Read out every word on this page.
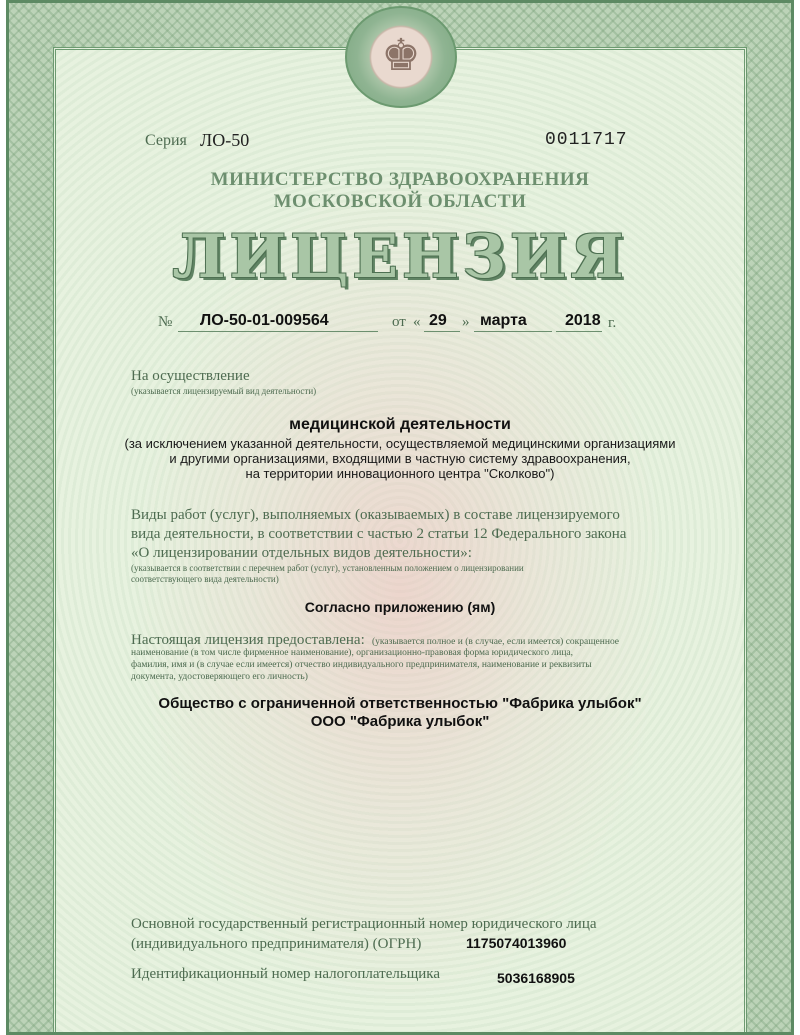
♚
Серия ЛО-50	0011717
МИНИСТЕРСТВО ЗДРАВООХРАНЕНИЯ
МОСКОВСКОЙ ОБЛАСТИ
ЛИЦЕНЗИЯ
№ ЛО-50-01-009564	от « 29 » марта 2018 г.
На осуществление
(указывается лицензируемый вид деятельности)
медицинской деятельности
(за исключением указанной деятельности, осуществляемой медицинскими организациями
и другими организациями, входящими в частную систему здравоохранения,
на территории инновационного центра "Сколково")
Виды работ (услуг), выполняемых (оказываемых) в составе лицензируемого
вида деятельности, в соответствии с частью 2 статьи 12 Федерального закона
«О лицензировании отдельных видов деятельности»:
(указывается в соответствии с перечнем работ (услуг), установленным положением о лицензировании
соответствующего вида деятельности)
Согласно приложению (ям)
Настоящая лицензия предоставлена: (указывается полное и (в случае, если имеется) сокращенное
наименование (в том числе фирменное наименование), организационно-правовая форма юридического лица,
фамилия, имя и (в случае если имеется) отчество индивидуального предпринимателя, наименование и реквизиты
документа, удостоверяющего его личность)
Общество с ограниченной ответственностью "Фабрика улыбок"
ООО "Фабрика улыбок"
Основной государственный регистрационный номер юридического лица
(индивидуального предпринимателя) (ОГРН)	1175074013960
Идентификационный номер налогоплательщика	5036168905
